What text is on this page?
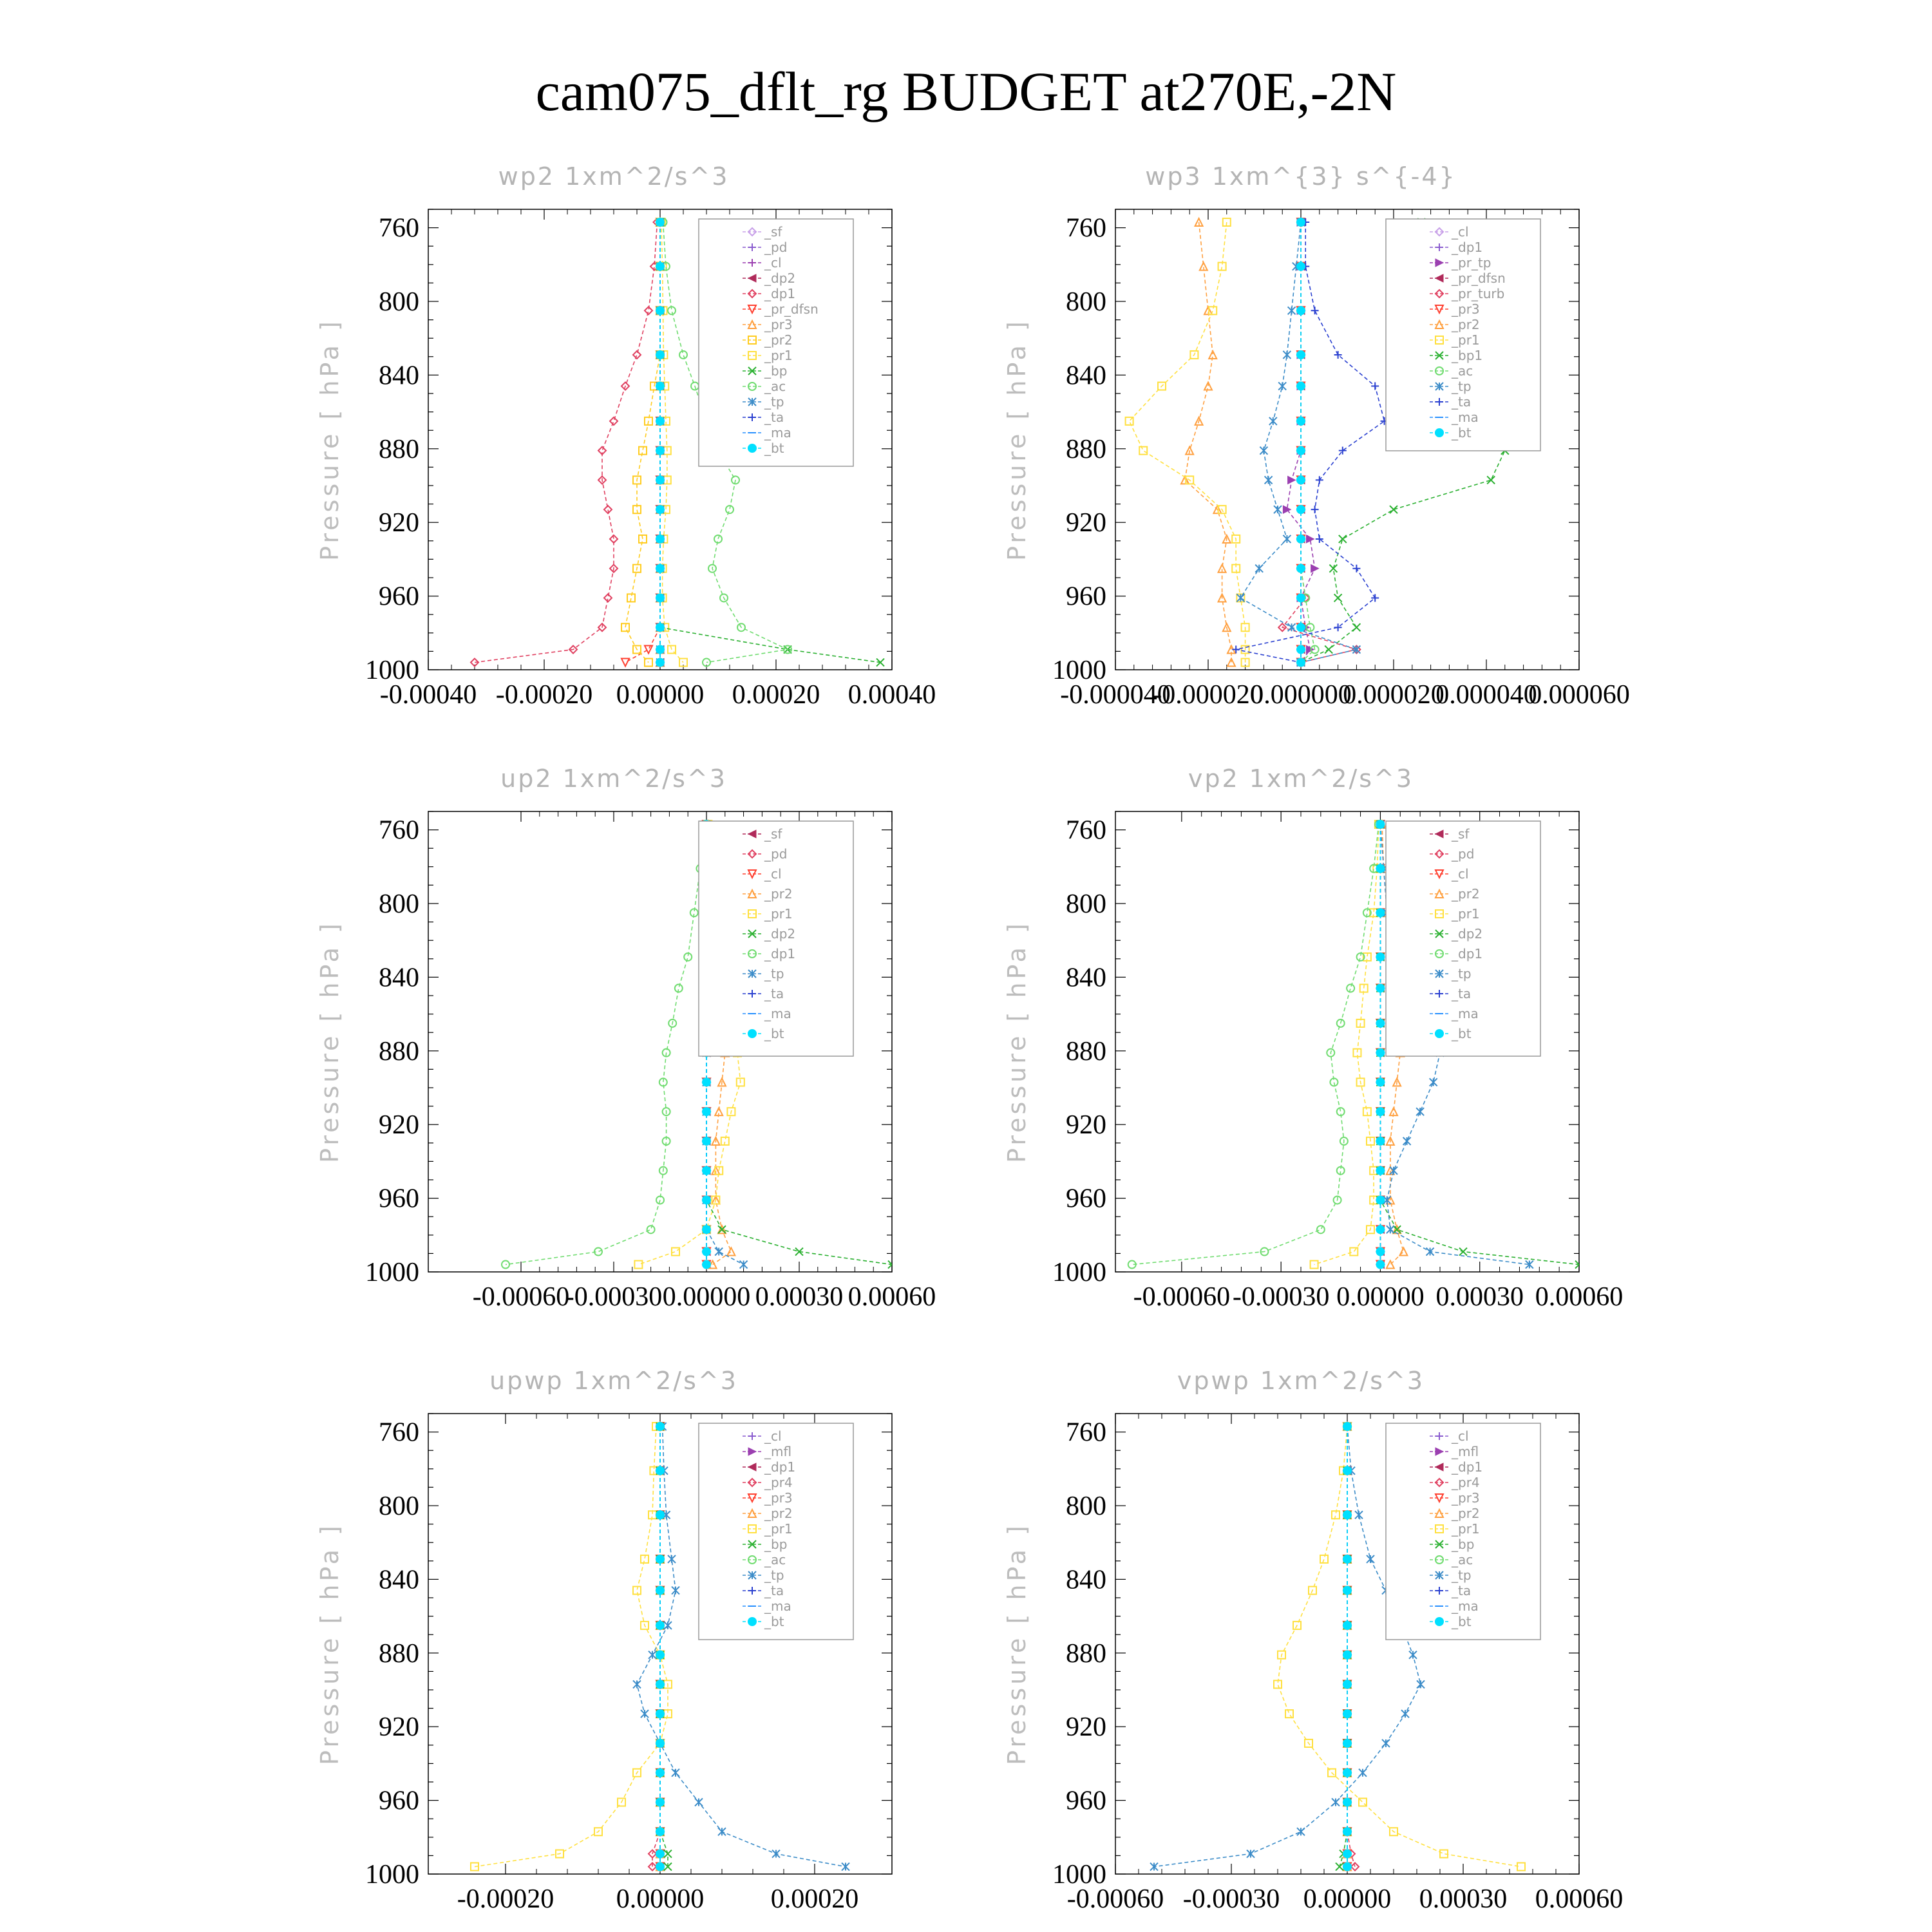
cam075_dflt_rg BUDGET at270E,-2N
wp2 1xm^2/s^3
Pressure [ hPa ]
760
800
840
880
920
960
1000
-0.00040 -0.00020 0.00000 0.00020 0.00040
_sf
_pd
_cl
_dp2
_dp1
_pr_dfsn
_pr3
_pr2
_pr1
_bp
_ac
_tp
_ta
_ma
_bt
wp3 1xm^{3} s^{-4}
Pressure [ hPa ]
760
800
840
880
920
960
1000
-0.000040
-0.000020
0.000000
0.000020
0.000040
0.000060
_cl
_dp1
_pr_tp
_pr_dfsn
_pr_turb
_pr3
_pr2
_pr1
_bp1
_ac
_tp
_ta
_ma
_bt
up2 1xm^2/s^3
Pressure [ hPa ]
760
800
840
880
920
960
1000
-0.00060
-0.00030 0.00000 0.00030 0.00060
_sf
_pd
_cl
_pr2
_pr1
_dp2
_dp1
_tp
_ta
_ma
_bt
vp2 1xm^2/s^3
Pressure [ hPa ]
760
800
840
880
920
960
1000
-0.00060 -0.00030 0.00000 0.00030 0.00060
_sf
_pd
_cl
_pr2
_pr1
_dp2
_dp1
_tp
_ta
_ma
_bt
upwp 1xm^2/s^3
Pressure [ hPa ]
760
800
840
880
920
960
1000
-0.00020 0.00000 0.00020
_cl
_mfl
_dp1
_pr4
_pr3
_pr2
_pr1
_bp
_ac
_tp
_ta
_ma
_bt
vpwp 1xm^2/s^3
Pressure [ hPa ]
760
800
840
880
920
960
1000
-0.00060 -0.00030 0.00000 0.00030 0.00060
_cl
_mfl
_dp1
_pr4
_pr3
_pr2
_pr1
_bp
_ac
_tp
_ta
_ma
_bt
